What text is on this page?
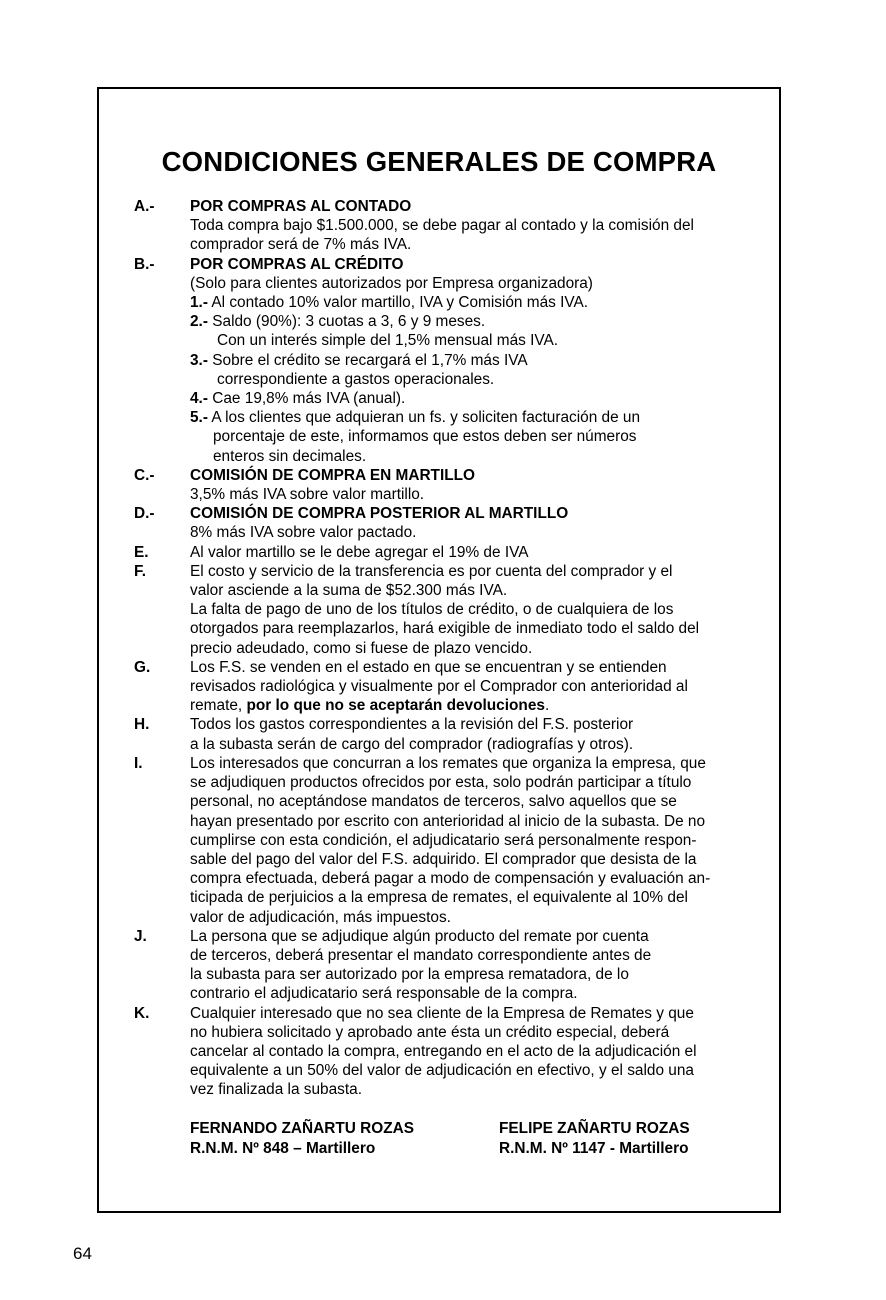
CONDICIONES GENERALES DE COMPRA
A.-	POR COMPRAS AL CONTADO

Toda compra bajo $1.500.000, se debe pagar al contado y la comisión del

comprador será de 7% más IVA.

B.-	POR COMPRAS AL CRÉDITO

(Solo para clientes autorizados por Empresa organizadora)

1.- Al contado 10% valor martillo, IVA y Comisión más IVA.

2.- Saldo (90%): 3 cuotas a 3, 6 y 9 meses.

Con un interés simple del 1,5% mensual más IVA.

3.- Sobre el crédito se recargará el 1,7% más IVA

correspondiente a gastos operacionales.

4.- Cae 19,8% más IVA (anual).

5.- A los clientes que adquieran un fs. y soliciten facturación de un

porcentaje de este, informamos que estos deben ser números

enteros sin decimales.

C.-	COMISIÓN DE COMPRA EN MARTILLO

3,5% más IVA sobre valor martillo.

D.-	COMISIÓN DE COMPRA POSTERIOR AL MARTILLO

8% más IVA sobre valor pactado.

E.	Al valor martillo se le debe agregar el 19% de IVA

F.	El costo y servicio de la transferencia es por cuenta del comprador y el

valor asciende a la suma de $52.300 más IVA.

La falta de pago de uno de los títulos de crédito, o de cualquiera de los

otorgados para reemplazarlos, hará exigible de inmediato todo el saldo del

precio adeudado, como si fuese de plazo vencido.

G.	Los F.S. se venden en el estado en que se encuentran y se entienden

revisados radiológica y visualmente por el Comprador con anterioridad al

remate, por lo que no se aceptarán devoluciones.

H.	Todos los gastos correspondientes a la revisión del F.S. posterior

a la subasta serán de cargo del comprador (radiografías y otros).

I.	Los interesados que concurran a los remates que organiza la empresa, que

se adjudiquen productos ofrecidos por esta, solo podrán participar a título

personal, no aceptándose mandatos de terceros, salvo aquellos que se

hayan presentado por escrito con anterioridad al inicio de la subasta. De no

cumplirse con esta condición, el adjudicatario será personalmente respon-

sable del pago del valor del F.S. adquirido. El comprador que desista de la

compra efectuada, deberá pagar a modo de compensación y evaluación an-

ticipada de perjuicios a la empresa de remates, el equivalente al 10% del

valor de adjudicación, más impuestos.

J.	La persona que se adjudique algún producto del remate por cuenta

de terceros, deberá presentar el mandato correspondiente antes de

la subasta para ser autorizado por la empresa rematadora, de lo

contrario el adjudicatario será responsable de la compra.

K.	Cualquier interesado que no sea cliente de la Empresa de Remates y que

no hubiera solicitado y aprobado ante ésta un crédito especial, deberá

cancelar al contado la compra, entregando en el acto de la adjudicación el

equivalente a un 50% del valor de adjudicación en efectivo, y el saldo una

vez finalizada la subasta.

FERNANDO ZAÑARTU ROZAS

R.N.M. Nº 848 – Martillero

FELIPE ZAÑARTU ROZAS

R.N.M. Nº 1147 - Martillero

64
